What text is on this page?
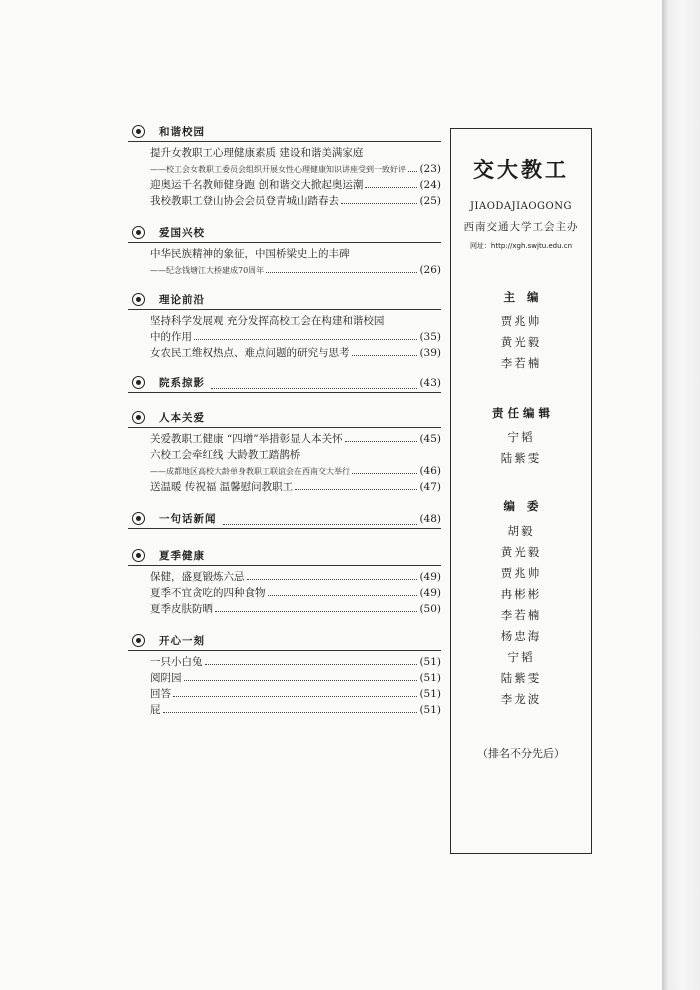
和谐校园
提升女教职工心理健康素质 建设和谐美满家庭
——校工会女教职工委员会组织开展女性心理健康知识讲座受到一致好评 (23)
迎奥运千名教师健身跑 创和谐交大掀起奥运潮	(24)
我校教职工登山协会会员登青城山踏春去	(25)
爱国兴校
中华民族精神的象征，中国桥梁史上的丰碑
——纪念钱塘江大桥建成70周年	(26)
理论前沿
坚持科学发展观 充分发挥高校工会在构建和谐校园
中的作用	(35)
女农民工维权热点、难点问题的研究与思考	(39)
院系掠影	(43)
人本关爱
关爱教职工健康 “四增”举措彰显人本关怀	(45)
六校工会牵红线 大龄教工踏鹊桥
——成都地区高校大龄单身教职工联谊会在西南交大举行	(46)
送温暖 传祝福 温馨慰问教职工	(47)
一句话新闻	(48)
夏季健康
保健，盛夏锻炼六忌	(49)
夏季不宜贪吃的四种食物	(49)
夏季皮肤防晒	(50)
开心一刻
一只小白兔	(51)
阅阴园	(51)
回答	(51)
屁	(51)
交大教工
JIAODAJIAOGONG
西南交通大学工会主办
网址：http://xgh.swjtu.edu.cn
主编
贾兆帅
黄光毅
李若楠
责任编辑
宁韬
陆紫雯
编委
胡毅
黄光毅
贾兆帅
冉彬彬
李若楠
杨忠海
宁韬
陆紫雯
李龙波
（排名不分先后）
